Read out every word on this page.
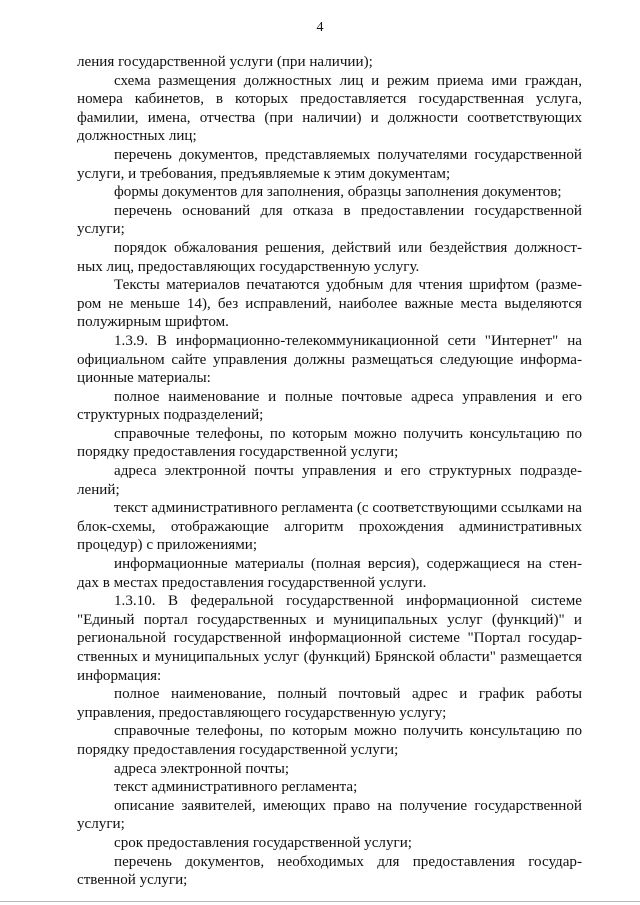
4

ления государственной услуги (при наличии);

схема размещения должностных лиц и режим приема ими граждан, номера кабинетов, в которых предоставляется государственная услуга, фамилии, имена, отчества (при наличии) и должности соответствующих должностных лиц;

перечень документов, представляемых получателями государственной услуги, и требования, предъявляемые к этим документам;

формы документов для заполнения, образцы заполнения документов;

перечень оснований для отказа в предоставлении государственной услуги;

порядок обжалования решения, действий или бездействия должност-ных лиц, предоставляющих государственную услугу.

Тексты материалов печатаются удобным для чтения шрифтом (разме-ром не меньше 14), без исправлений, наиболее важные места выделяются полужирным шрифтом.

1.3.9. В информационно-телекоммуникационной сети "Интернет" на официальном сайте управления должны размещаться следующие информа-ционные материалы:

полное наименование и полные почтовые адреса управления и его структурных подразделений;

справочные телефоны, по которым можно получить консультацию по порядку предоставления государственной услуги;

адреса электронной почты управления и его структурных подразде-лений;

текст административного регламента (с соответствующими ссылками на блок-схемы, отображающие алгоритм прохождения административных процедур) с приложениями;

информационные материалы (полная версия), содержащиеся на стен-дах в местах предоставления государственной услуги.

1.3.10. В федеральной государственной информационной системе "Единый портал государственных и муниципальных услуг (функций)" и региональной государственной информационной системе "Портал государ-ственных и муниципальных услуг (функций) Брянской области" размещается информация:

полное наименование, полный почтовый адрес и график работы управления, предоставляющего государственную услугу;

справочные телефоны, по которым можно получить консультацию по порядку предоставления государственной услуги;

адреса электронной почты;

текст административного регламента;

описание заявителей, имеющих право на получение государственной услуги;

срок предоставления государственной услуги;

перечень документов, необходимых для предоставления государ-ственной услуги;
